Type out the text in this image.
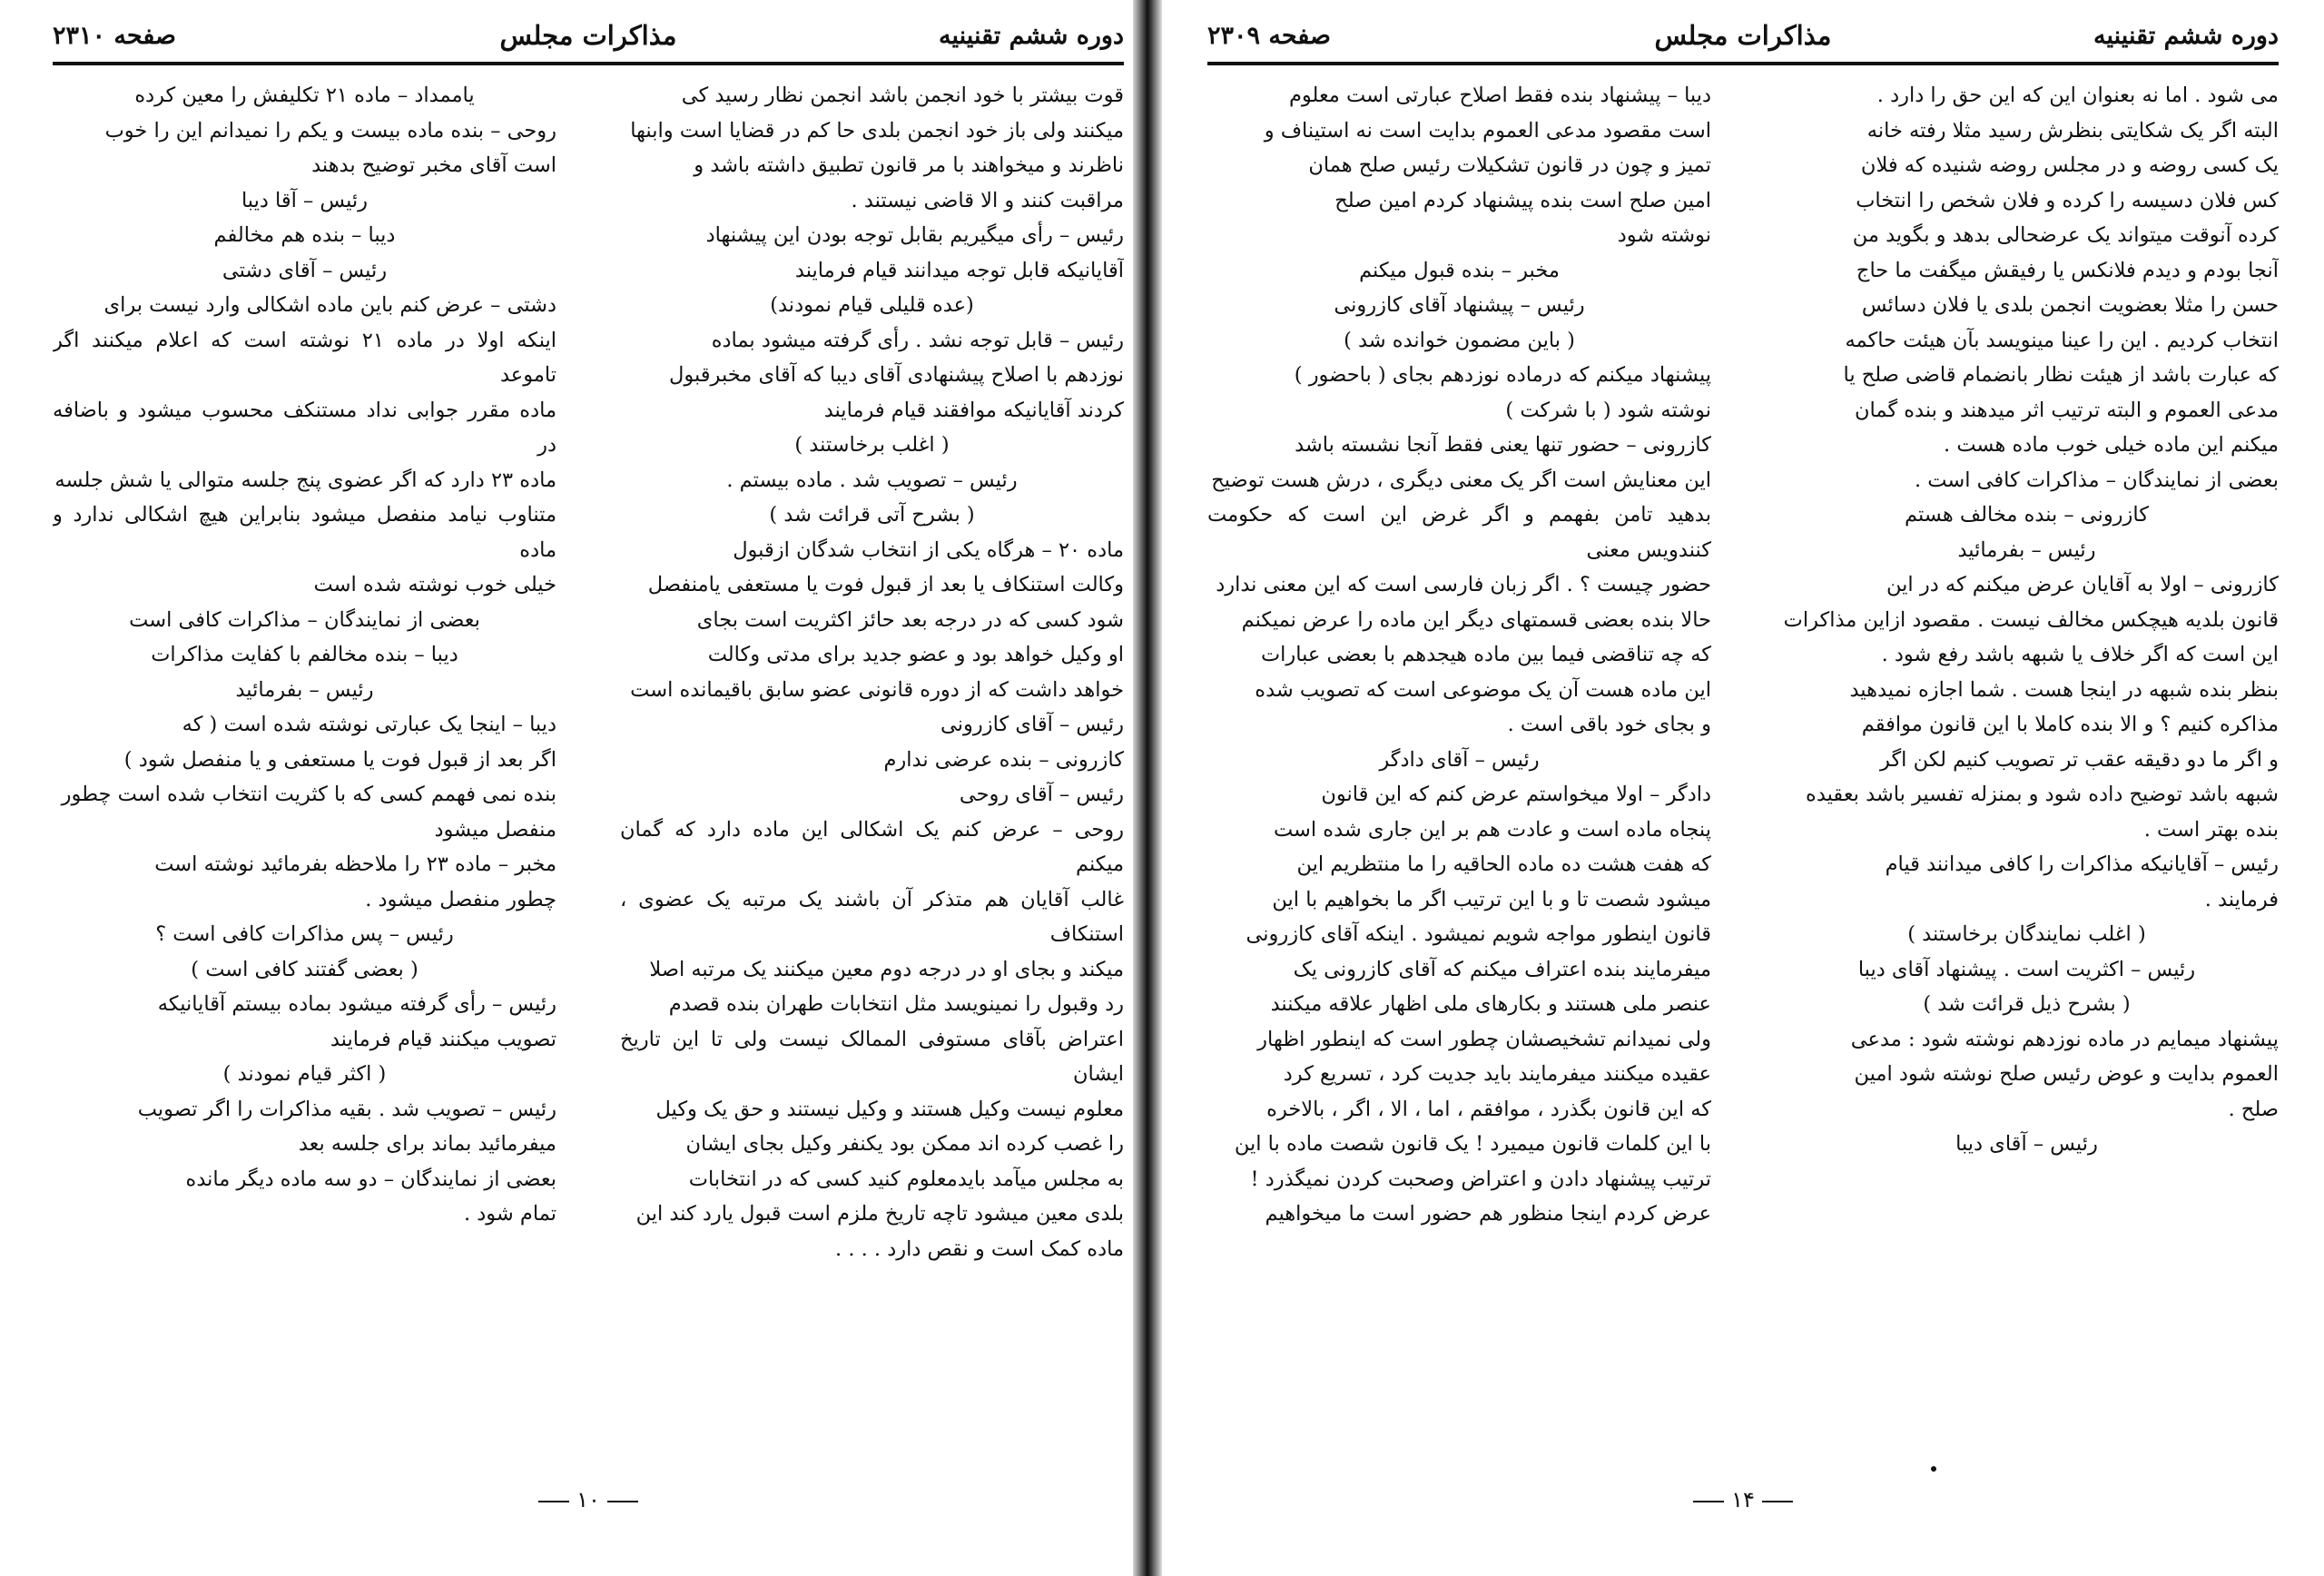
دوره ششم تقنینیه
مذاکرات مجلس
صفحه ۲۳۱۰

قوت بیشتر با خود انجمن باشد انجمن نظار رسید کی

میکنند ولی باز خود انجمن بلدی حا کم در قضایا است وابنها

ناظرند و میخواهند با مر قانون تطبیق داشته باشد و

مراقبت کنند و الا قاضی نیستند .

رئیس – رأی میگیریم بقابل توجه بودن این پیشنهاد

آقایانیکه قابل توجه میدانند قیام فرمایند

(عده قلیلی قیام نمودند)

رئیس – قابل توجه نشد . رأی گرفته میشود بماده

نوزدهم با اصلاح پیشنهادی آقای دیبا که آقای مخبرقبول

کردند آقایانیکه موافقند قیام فرمایند

( اغلب برخاستند )

رئیس – تصویب شد . ماده بیستم .

( بشرح آتی قرائت شد )

ماده ۲۰ – هرگاه یکی از انتخاب شدگان ازقبول

وکالت استنکاف یا بعد از قبول فوت یا مستعفی یامنفصل

شود کسی که در درجه بعد حائز اکثریت است بجای

او وکیل خواهد بود و عضو جدید برای مدتی وکالت

خواهد داشت که از دوره قانونی عضو سابق باقیمانده است

رئیس – آقای کازرونی

کازرونی – بنده عرضی ندارم

رئیس – آقای روحی

روحی – عرض کنم یک اشکالی این ماده دارد که گمان میکنم

غالب آقایان هم متذکر آن باشند یک مرتبه یک عضوی ، استنکاف

میکند و بجای او در درجه دوم معین میکنند یک مرتبه اصلا

رد وقبول را نمینویسد مثل انتخابات طهران بنده قصدم

اعتراض بآقای مستوفی الممالک نیست ولی تا این تاریخ ایشان

معلوم نیست وکیل هستند و وکیل نیستند و حق یک وکیل

را غصب کرده اند ممکن بود یکنفر وکیل بجای ایشان

به مجلس میآمد بایدمعلوم کنید کسی که در انتخابات

بلدی معین میشود تاچه تاریخ ملزم است قبول یارد کند این

ماده کمک است و نقص دارد . . . .

یاممداد – ماده ۲۱ تکلیفش را معین کرده

روحی – بنده ماده بیست و یکم را نمیدانم این را خوب

است آقای مخبر توضیح بدهند

رئیس – آقا دیبا

دیبا – بنده هم مخالفم

رئیس – آقای دشتی

دشتی – عرض کنم باین ماده اشکالی وارد نیست برای

اینکه اولا در ماده ۲۱ نوشته است که اعلام میکنند اگر تاموعد

ماده مقرر جوابی نداد مستنکف محسوب میشود و باضافه در

ماده ۲۳ دارد که اگر عضوی پنج جلسه متوالی یا شش جلسه

متناوب نیامد منفصل میشود بنابراین هیچ اشکالی ندارد و ماده

خیلی خوب نوشته شده است

بعضی از نمایندگان – مذاکرات کافی است

دیبا – بنده مخالفم با کفایت مذاکرات

رئیس – بفرمائید

دیبا – اینجا یک عبارتی نوشته شده است ( که

اگر بعد از قبول فوت یا مستعفی و یا منفصل شود )

بنده نمی فهمم کسی که با کثریت انتخاب شده است چطور

منفصل میشود

مخبر – ماده ۲۳ را ملاحظه بفرمائید نوشته است

چطور منفصل میشود .

رئیس – پس مذاکرات کافی است ؟

( بعضی گفتند کافی است )

رئیس – رأی گرفته میشود بماده بیستم آقایانیکه

تصویب میکنند قیام فرمایند

( اکثر قیام نمودند )

رئیس – تصویب شد . بقیه مذاکرات را اگر تصویب

میفرمائید بماند برای جلسه بعد

بعضی از نمایندگان – دو سه ماده دیگر مانده

تمام شود .

۱۰
دوره ششم تقنینیه
مذاکرات مجلس
صفحه ۲۳۰۹

می شود . اما نه بعنوان این که این حق را دارد .

البته اگر یک شکایتی بنظرش رسید مثلا رفته خانه

یک کسی روضه و در مجلس روضه شنیده که فلان

کس فلان دسیسه را کرده و فلان شخص را انتخاب

کرده آنوقت میتواند یک عرضحالی بدهد و بگوید من

آنجا بودم و دیدم فلانکس یا رفیقش میگفت ما حاج

حسن را مثلا بعضویت انجمن بلدی یا فلان دسائس

انتخاب کردیم . این را عینا مینویسد بآن هیئت حاکمه

که عبارت باشد از هیئت نظار بانضمام قاضی صلح یا

مدعی العموم و البته ترتیب اثر میدهند و بنده گمان

میکنم این ماده خیلی خوب ماده هست .

بعضی از نمایندگان – مذاکرات کافی است .

کازرونی – بنده مخالف هستم

رئیس – بفرمائید

کازرونی – اولا به آقایان عرض میکنم که در این

قانون بلدیه هیچکس مخالف نیست . مقصود ازاین مذاکرات

این است که اگر خلاف یا شبهه باشد رفع شود .

بنظر بنده شبهه در اینجا هست . شما اجازه نمیدهید

مذاکره کنیم ؟ و الا بنده کاملا با این قانون موافقم

و اگر ما دو دقیقه عقب تر تصویب کنیم لکن اگر

شبهه باشد توضیح داده شود و بمنزله تفسیر باشد بعقیده

بنده بهتر است .

رئیس – آقایانیکه مذاکرات را کافی میدانند قیام

فرمایند .

( اغلب نمایندگان برخاستند )

رئیس – اکثریت است . پیشنهاد آقای دیبا

( بشرح ذیل قرائت شد )

پیشنهاد میمایم در ماده نوزدهم نوشته شود : مدعی

العموم بدایت و عوض رئیس صلح نوشته شود امین

صلح .

رئیس – آقای دیبا

دیبا – پیشنهاد بنده فقط اصلاح عبارتی است معلوم

است مقصود مدعی العموم بدایت است نه استیناف و

تمیز و چون در قانون تشکیلات رئیس صلح همان

امین صلح است بنده پیشنهاد کردم امین صلح

نوشته شود

مخبر – بنده قبول میکنم

رئیس – پیشنهاد آقای کازرونی

( باین مضمون خوانده شد )

پیشنهاد میکنم که درماده نوزدهم بجای ( باحضور )

نوشته شود ( با شرکت )

کازرونی – حضور تنها یعنی فقط آنجا نشسته باشد

این معنایش است اگر یک معنی دیگری ، درش هست توضیح

بدهید تامن بفهمم و اگر غرض این است که حکومت کنندویس معنی

حضور چیست ؟ . اگر زبان فارسی است که این معنی ندارد

حالا بنده بعضی قسمتهای دیگر این ماده را عرض نمیکنم

که چه تناقضی فیما بین ماده هیجدهم با بعضی عبارات

این ماده هست آن یک موضوعی است که تصویب شده

و بجای خود باقی است .

رئیس – آقای دادگر

دادگر – اولا میخواستم عرض کنم که این قانون

پنجاه ماده است و عادت هم بر این جاری شده است

که هفت هشت ده ماده الحاقیه را ما منتظریم این

میشود شصت تا و با این ترتیب اگر ما بخواهیم با این

قانون اینطور مواجه شویم نمیشود . اینکه آقای کازرونی

میفرمایند بنده اعتراف میکنم که آقای کازرونی یک

عنصر ملی هستند و بکارهای ملی اظهار علاقه میکنند

ولی نمیدانم تشخیصشان چطور است که اینطور اظهار

عقیده میکنند میفرمایند باید جدیت کرد ، تسریع کرد

که این قانون بگذرد ، موافقم ، اما ، الا ، اگر ، بالاخره

با این کلمات قانون میمیرد ! یک قانون شصت ماده با این

ترتیب پیشنهاد دادن و اعتراض وصحبت کردن نمیگذرد !

عرض کردم اینجا منظور هم حضور است ما میخواهیم

۱۴
